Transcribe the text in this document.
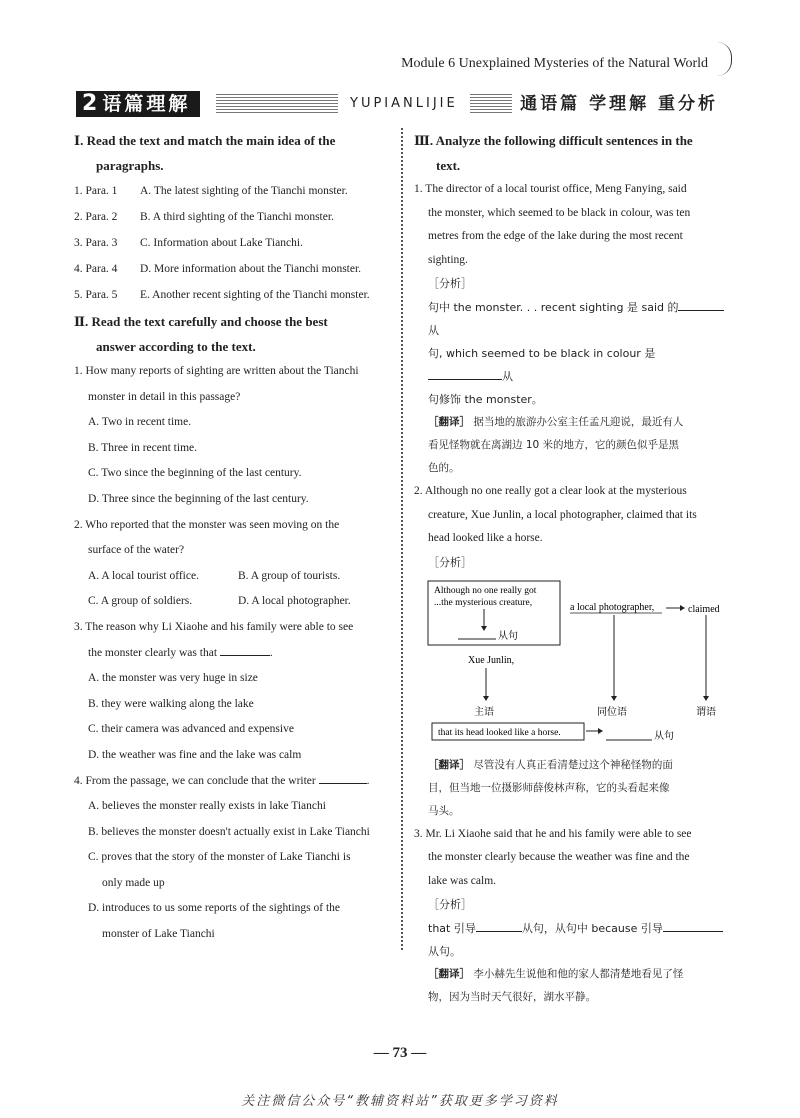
Module 6 Unexplained Mysteries of the Natural World
2 语篇理解	YUPIANLIJIE	通语篇 学理解 重分析
Ⅰ. Read the text and match the main idea of the
paragraphs.
1. Para. 1	A. The latest sighting of the Tianchi monster.
2. Para. 2	B. A third sighting of the Tianchi monster.
3. Para. 3	C. Information about Lake Tianchi.
4. Para. 4	D. More information about the Tianchi monster.
5. Para. 5	E. Another recent sighting of the Tianchi monster.
Ⅱ. Read the text carefully and choose the best
answer according to the text.
1. How many reports of sighting are written about the Tianchi
monster in detail in this passage?
A. Two in recent time.
B. Three in recent time.
C. Two since the beginning of the last century.
D. Three since the beginning of the last century.
2. Who reported that the monster was seen moving on the
surface of the water?
A. A local tourist office.	B. A group of tourists.
C. A group of soldiers.	D. A local photographer.
3. The reason why Li Xiaohe and his family were able to see
the monster clearly was that	.
A. the monster was very huge in size
B. they were walking along the lake
C. their camera was advanced and expensive
D. the weather was fine and the lake was calm
4. From the passage, we can conclude that the writer	.
A. believes the monster really exists in lake Tianchi
B. believes the monster doesn't actually exist in Lake Tianchi
C. proves that the story of the monster of Lake Tianchi is
only made up
D. introduces to us some reports of the sightings of the
monster of Lake Tianchi
Ⅲ. Analyze the following difficult sentences in the
text.
1. The director of a local tourist office, Meng Fanying, said
the monster, which seemed to be black in colour, was ten
metres from the edge of the lake during the most recent
sighting.
［分析］
句中 the monster. . . recent sighting 是 said 的从
句, which seemed to be black in colour 是从
句修饰 the monster。
［翻译］ 据当地的旅游办公室主任孟凡迎说，最近有人
看见怪物就在离湖边 10 米的地方，它的颜色似乎是黑
色的。
2. Although no one really got a clear look at the mysterious
creature, Xue Junlin, a local photographer, claimed that its
head looked like a horse.
［分析］
Although no one really got
...the mysterious creature,
从句
Xue Junlin,
主语
a local photographer,	claimed
同位语	谓语
that its head looked like a horse.	从句
［翻译］ 尽管没有人真正看清楚过这个神秘怪物的面
目，但当地一位摄影师薛俊林声称，它的头看起来像
马头。
3. Mr. Li Xiaohe said that he and his family were able to see
the monster clearly because the weather was fine and the
lake was calm.
［分析］
that 引导	从句，从句中 because 引导
从句。
［翻译］ 李小赫先生说他和他的家人都清楚地看见了怪
物，因为当时天气很好，湖水平静。
— 73 —
关注微信公众号“教辅资料站”获取更多学习资料
